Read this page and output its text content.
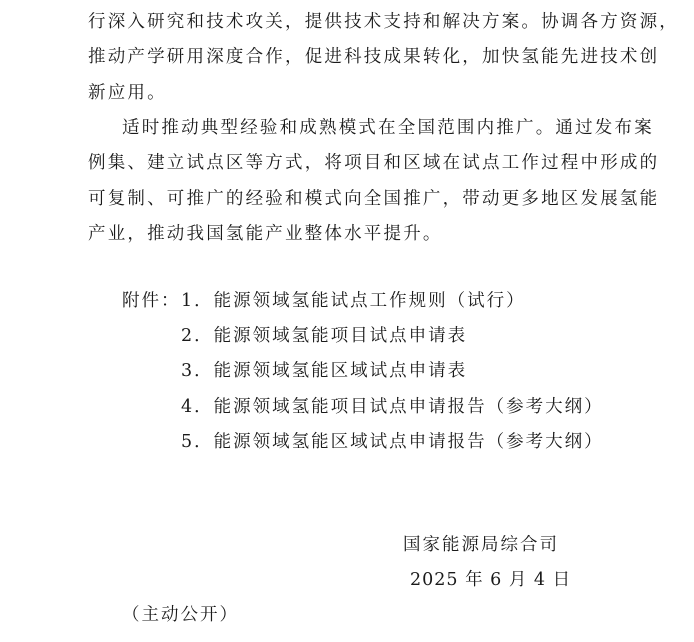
行深入研究和技术攻关，提供技术支持和解决方案。协调各方资源，
推动产学研用深度合作，促进科技成果转化，加快氢能先进技术创
新应用。
适时推动典型经验和成熟模式在全国范围内推广。通过发布案
例集、建立试点区等方式，将项目和区域在试点工作过程中形成的
可复制、可推广的经验和模式向全国推广，带动更多地区发展氢能
产业，推动我国氢能产业整体水平提升。
附件： 1．能源领域氢能试点工作规则（试行）
2．能源领域氢能项目试点申请表
3．能源领域氢能区域试点申请表
4．能源领域氢能项目试点申请报告（参考大纲）
5．能源领域氢能区域试点申请报告（参考大纲）
国家能源局综合司
2025 年 6 月 4 日
（主动公开）
